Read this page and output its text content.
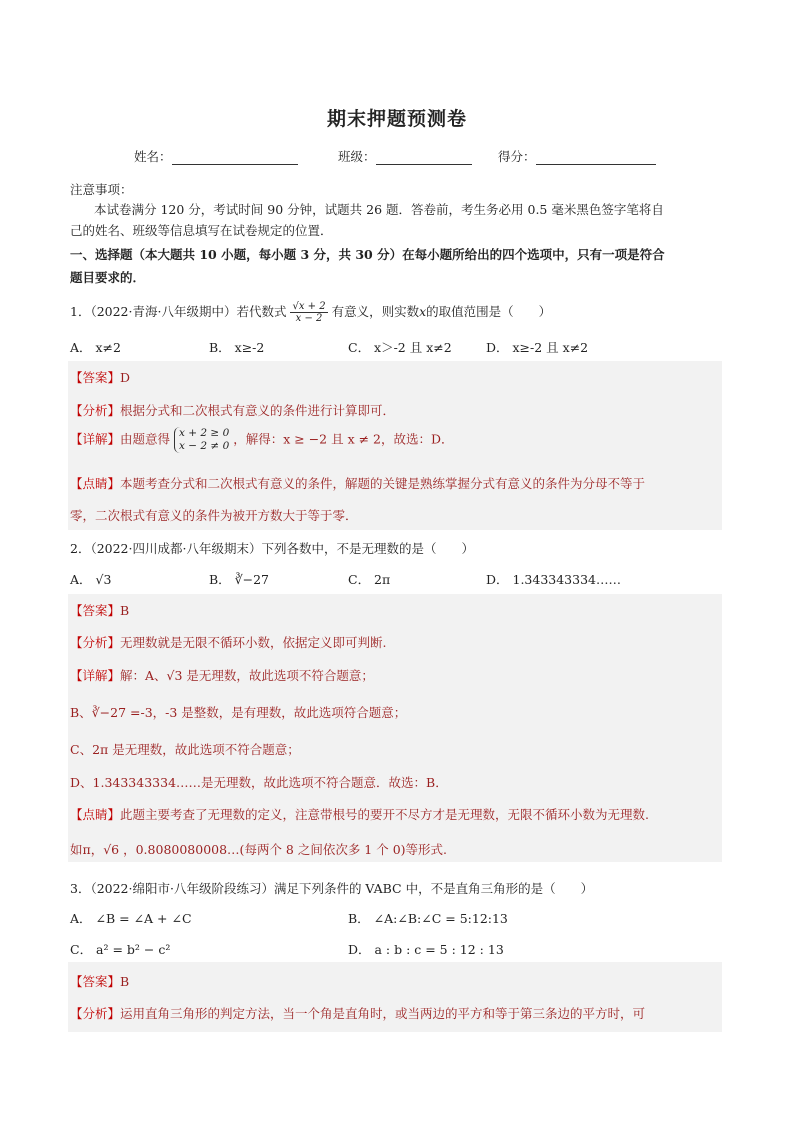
期末押题预测卷
姓名：	班级：	得分：
注意事项：
本试卷满分 120 分，考试时间 90 分钟，试题共 26 题．答卷前，考生务必用 0.5 毫米黑色签字笔将自
己的姓名、班级等信息填写在试卷规定的位置．
一、选择题（本大题共 10 小题，每小题 3 分，共 30 分）在每小题所给出的四个选项中，只有一项是符合
题目要求的．
1．（2022·青海·八年级期中）若代数式 $\frac{√x + 2}{x - 2}$ 有意义，则实数x的取值范围是（　　）
A． x≠2	B． x≥-2	C． x＞-2 且 x≠2	D． x≥-2 且 x≠2
【答案】D
【分析】根据分式和二次根式有意义的条件进行计算即可．
【详解】由题意得 x + 2 ≥ 0
x − 2 ≠ 0 ，解得：x ≥ −2 且 x ≠ 2，故选：D．
【点睛】本题考查分式和二次根式有意义的条件，解题的关键是熟练掌握分式有意义的条件为分母不等于
零，二次根式有意义的条件为被开方数大于等于零．
2．（2022·四川成都·八年级期末）下列各数中，不是无理数的是（　　）
A． √3	B． ∛−27	C． 2π	D． 1.343343334……
【答案】B
【分析】无理数就是无限不循环小数，依据定义即可判断.
【详解】解：A、√3 是无理数，故此选项不符合题意；
B、∛−27 =-3，-3 是整数，是有理数，故此选项符合题意；
C、2π 是无理数，故此选项不符合题意；
D、1.343343334……是无理数，故此选项不符合题意．故选：B．
【点睛】此题主要考查了无理数的定义，注意带根号的要开不尽方才是无理数，无限不循环小数为无理数.
如π，√6 ，0.8080080008…(每两个 8 之间依次多 1 个 0)等形式.
3．（2022·绵阳市·八年级阶段练习）满足下列条件的 VABC 中，不是直角三角形的是（　　）
A． ∠B = ∠A + ∠C	B． ∠A:∠B:∠C = 5:12:13
C． a² = b² − c²	D． a : b : c = 5 : 12 : 13
【答案】B
【分析】运用直角三角形的判定方法，当一个角是直角时，或当两边的平方和等于第三条边的平方时，可
